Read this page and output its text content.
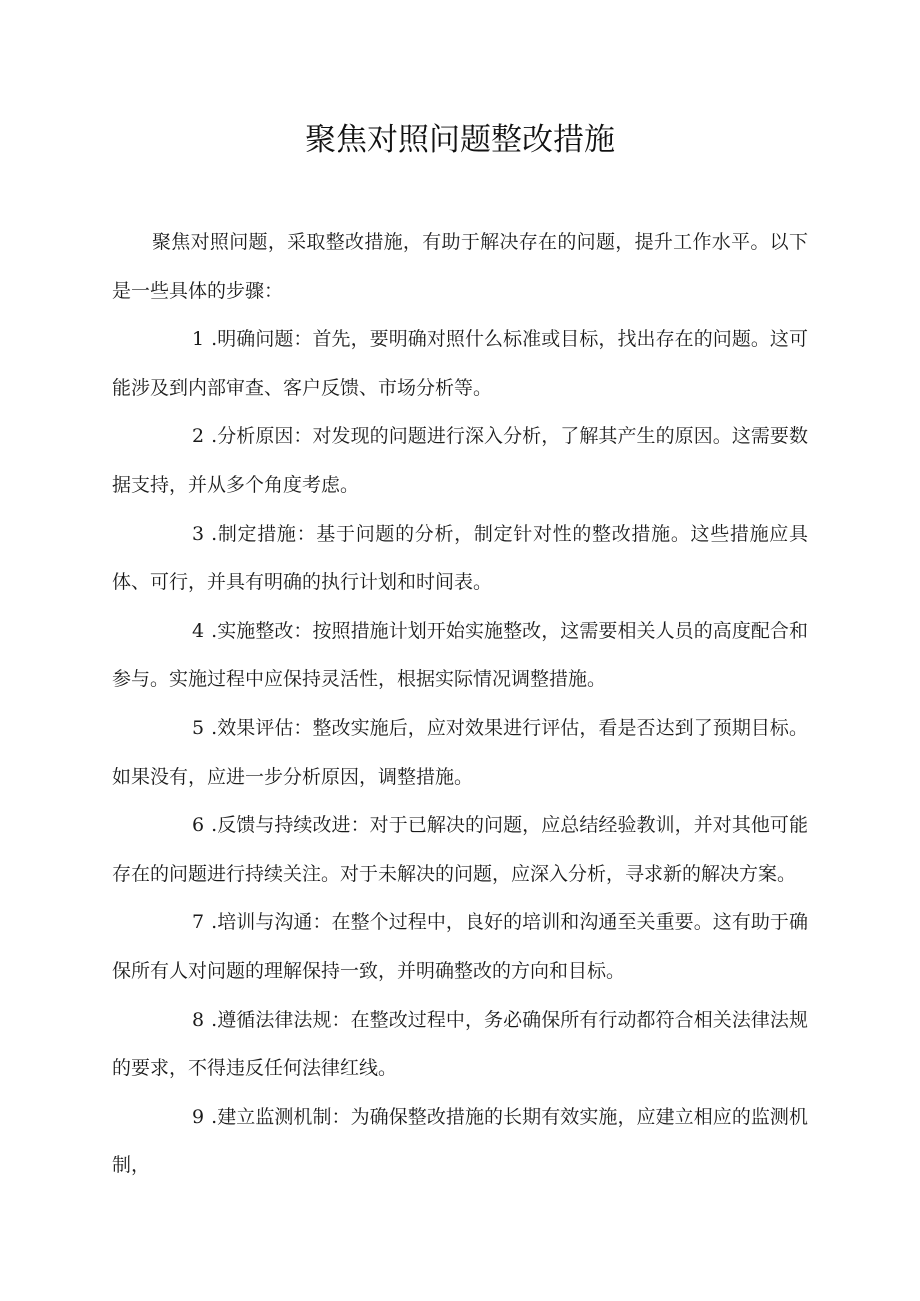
聚焦对照问题整改措施

聚焦对照问题，采取整改措施，有助于解决存在的问题，提升工作水平。以下是一些具体的步骤：

1 .明确问题：首先，要明确对照什么标准或目标，找出存在的问题。这可能涉及到内部审查、客户反馈、市场分析等。

2 .分析原因：对发现的问题进行深入分析，了解其产生的原因。这需要数据支持，并从多个角度考虑。

3 .制定措施：基于问题的分析，制定针对性的整改措施。这些措施应具体、可行，并具有明确的执行计划和时间表。

4 .实施整改：按照措施计划开始实施整改，这需要相关人员的高度配合和参与。实施过程中应保持灵活性，根据实际情况调整措施。

5 .效果评估：整改实施后，应对效果进行评估，看是否达到了预期目标。如果没有，应进一步分析原因，调整措施。

6 .反馈与持续改进：对于已解决的问题，应总结经验教训，并对其他可能存在的问题进行持续关注。对于未解决的问题，应深入分析，寻求新的解决方案。

7 .培训与沟通：在整个过程中，良好的培训和沟通至关重要。这有助于确保所有人对问题的理解保持一致，并明确整改的方向和目标。

8 .遵循法律法规：在整改过程中，务必确保所有行动都符合相关法律法规的要求，不得违反任何法律红线。

9 .建立监测机制：为确保整改措施的长期有效实施，应建立相应的监测机制，
